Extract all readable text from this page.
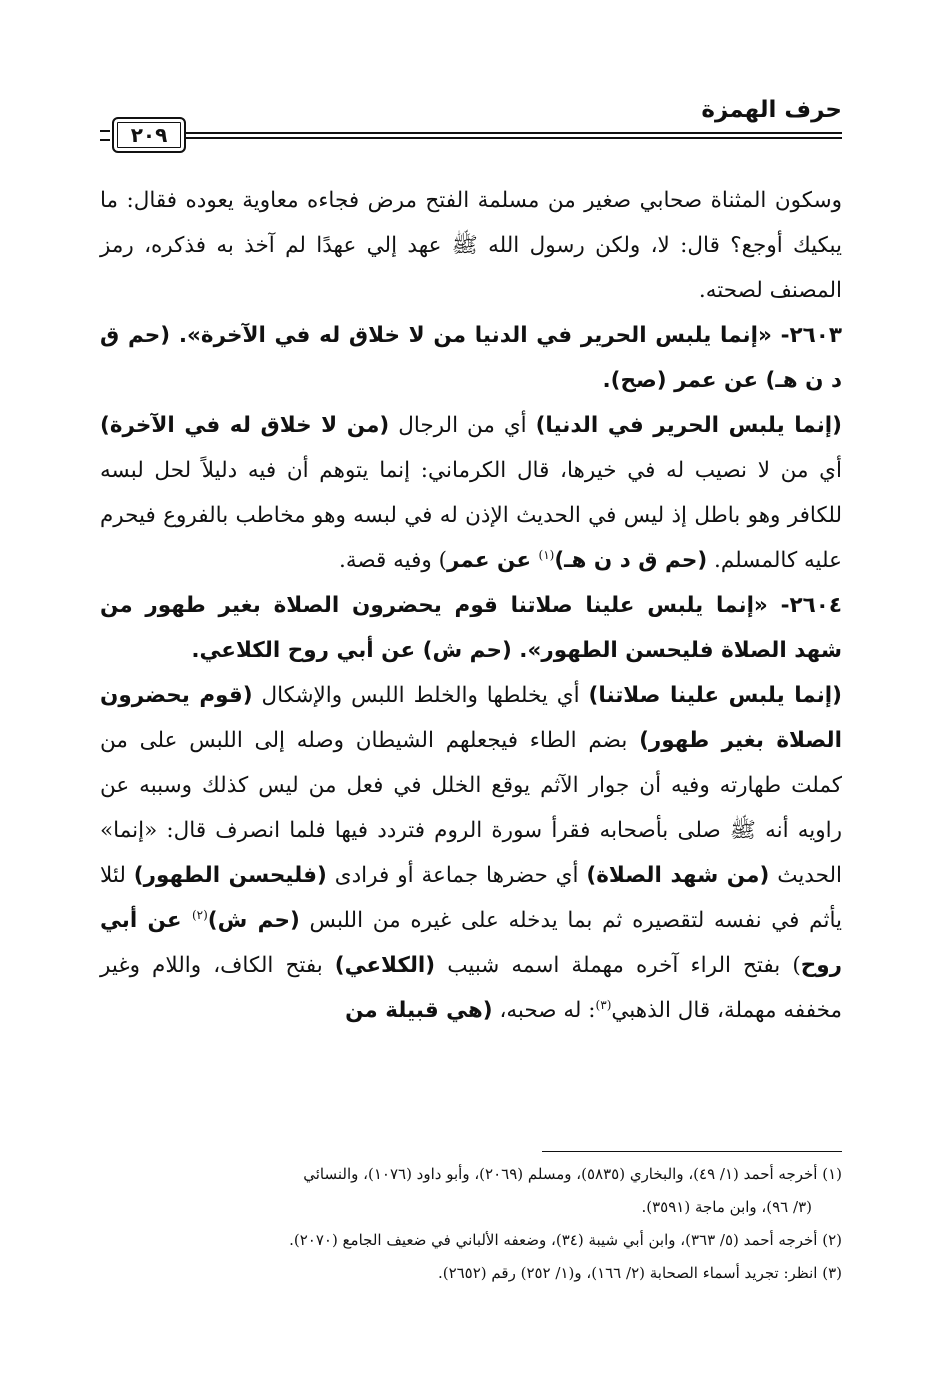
حرف الهمزة
٢٠٩

وسكون المثناة صحابي صغير من مسلمة الفتح مرض فجاءه معاوية يعوده فقال: ما يبكيك أوجع؟ قال: لا، ولكن رسول الله ﷺ عهد إلي عهدًا لم آخذ به فذكره، رمز المصنف لصحته.

٢٦٠٣- «إنما يلبس الحرير في الدنيا من لا خلاق له في الآخرة». (حم ق د ن هـ) عن عمر (صح).

(إنما يلبس الحرير في الدنيا) أي من الرجال (من لا خلاق له في الآخرة) أي من لا نصيب له في خيرها، قال الكرماني: إنما يتوهم أن فيه دليلاً لحل لبسه للكافر وهو باطل إذ ليس في الحديث الإذن له في لبسه وهو مخاطب بالفروع فيحرم عليه كالمسلم. (حم ق د ن هـ)$^{(١)}$ عن عمر) وفيه قصة.

٢٦٠٤- «إنما يلبس علينا صلاتنا قوم يحضرون الصلاة بغير طهور من شهد الصلاة فليحسن الطهور». (حم ش) عن أبي روح الكلاعي.

(إنما يلبس علينا صلاتنا) أي يخلطها والخلط اللبس والإشكال (قوم يحضرون الصلاة بغير طهور) بضم الطاء فيجعلهم الشيطان وصله إلى اللبس على من كملت طهارته وفيه أن جوار الآثم يوقع الخلل في فعل من ليس كذلك وسببه عن راويه أنه ﷺ صلى بأصحابه فقرأ سورة الروم فتردد فيها فلما انصرف قال: «إنما» الحديث (من شهد الصلاة) أي حضرها جماعة أو فرادى (فليحسن الطهور) لئلا يأثم في نفسه لتقصيره ثم بما يدخله على غيره من اللبس (حم ش)$^{(٢)}$ عن أبي روح) بفتح الراء آخره مهملة اسمه شبيب (الكلاعي) بفتح الكاف، واللام وغير مخففه مهملة، قال الذهبي$^{(٣)}$: له صحبه، (هي قبيلة من

(١) أخرجه أحمد (١/ ٤٩)، والبخاري (٥٨٣٥)، ومسلم (٢٠٦٩)، وأبو داود (١٠٧٦)، والنسائي

(٣/ ٩٦)، وابن ماجة (٣٥٩١).

(٢) أخرجه أحمد (٥/ ٣٦٣)، وابن أبي شيبة (٣٤)، وضعفه الألباني في ضعيف الجامع (٢٠٧٠).

(٣) انظر: تجريد أسماء الصحابة (٢/ ١٦٦)، و(١/ ٢٥٢) رقم (٢٦٥٢).
